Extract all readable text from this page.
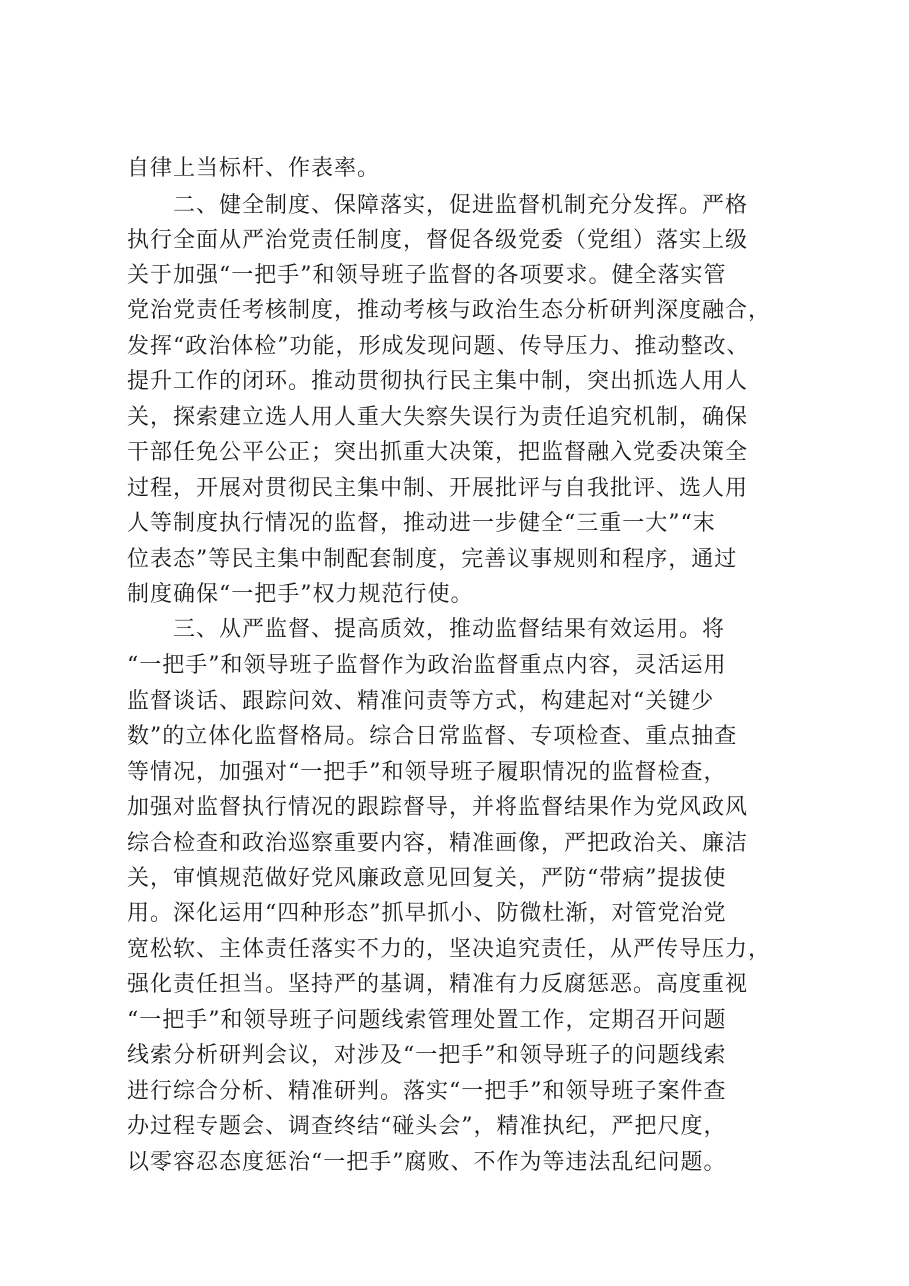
自律上当标杆、作表率。
　　二、健全制度、保障落实，促进监督机制充分发挥。严格
执行全面从严治党责任制度，督促各级党委（党组）落实上级
关于加强“一把手”和领导班子监督的各项要求。健全落实管
党治党责任考核制度，推动考核与政治生态分析研判深度融合，
发挥“政治体检”功能，形成发现问题、传导压力、推动整改、
提升工作的闭环。推动贯彻执行民主集中制，突出抓选人用人
关，探索建立选人用人重大失察失误行为责任追究机制，确保
干部任免公平公正；突出抓重大决策，把监督融入党委决策全
过程，开展对贯彻民主集中制、开展批评与自我批评、选人用
人等制度执行情况的监督，推动进一步健全“三重一大”“末
位表态”等民主集中制配套制度，完善议事规则和程序，通过
制度确保“一把手”权力规范行使。
　　三、从严监督、提高质效，推动监督结果有效运用。将
“一把手”和领导班子监督作为政治监督重点内容，灵活运用
监督谈话、跟踪问效、精准问责等方式，构建起对“关键少
数”的立体化监督格局。综合日常监督、专项检查、重点抽查
等情况，加强对“一把手”和领导班子履职情况的监督检查，
加强对监督执行情况的跟踪督导，并将监督结果作为党风政风
综合检查和政治巡察重要内容，精准画像，严把政治关、廉洁
关，审慎规范做好党风廉政意见回复关，严防“带病”提拔使
用。深化运用“四种形态”抓早抓小、防微杜渐，对管党治党
宽松软、主体责任落实不力的，坚决追究责任，从严传导压力，
强化责任担当。坚持严的基调，精准有力反腐惩恶。高度重视
“一把手”和领导班子问题线索管理处置工作，定期召开问题
线索分析研判会议，对涉及“一把手”和领导班子的问题线索
进行综合分析、精准研判。落实“一把手”和领导班子案件查
办过程专题会、调查终结“碰头会”，精准执纪，严把尺度，
以零容忍态度惩治“一把手”腐败、不作为等违法乱纪问题。
